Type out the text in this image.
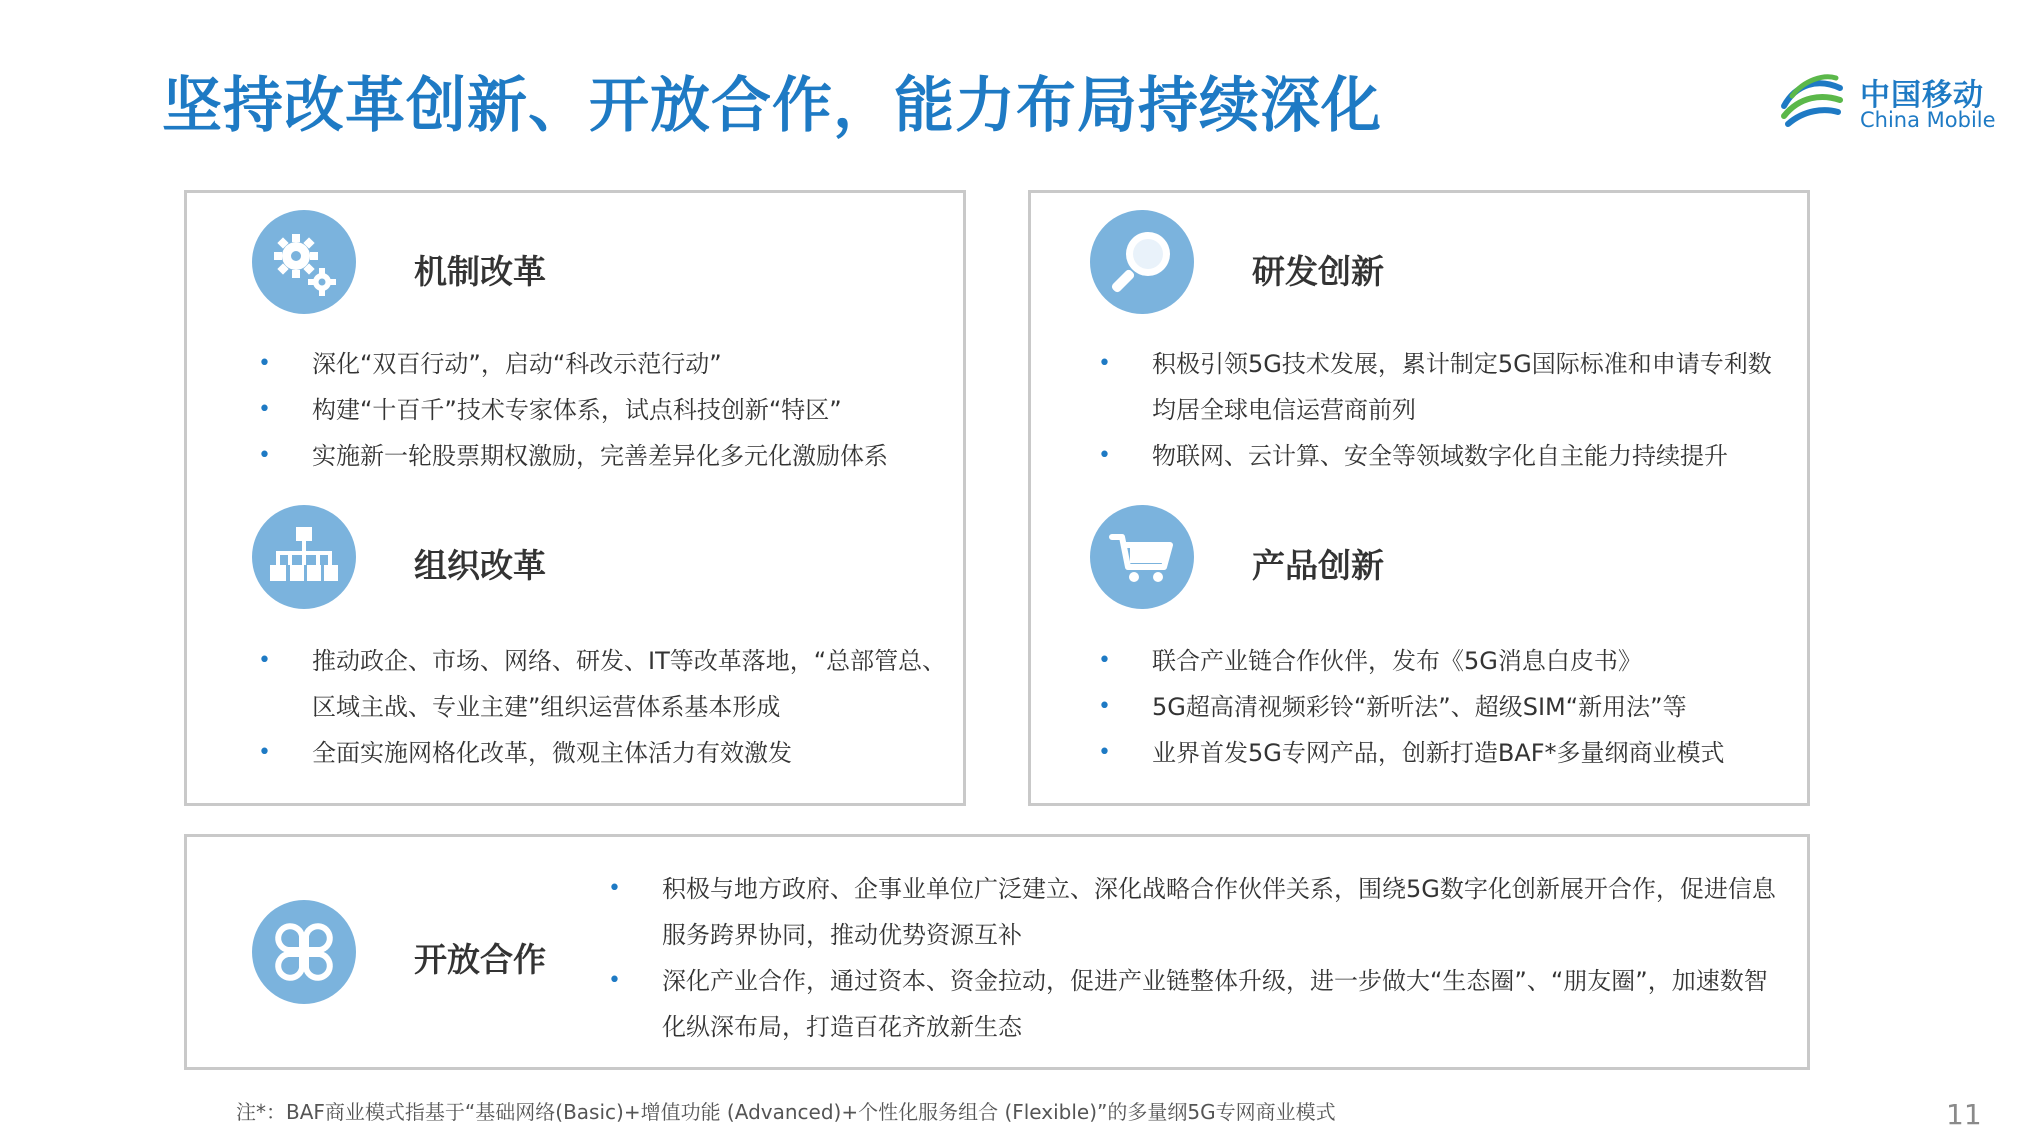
坚持改革创新、开放合作，能力布局持续深化	中国移动
China Mobile
机制改革
• 深化“双百行动”，启动“科改示范行动”
• 构建“十百千”技术专家体系，试点科技创新“特区”
• 实施新一轮股票期权激励，完善差异化多元化激励体系
组织改革
• 推动政企、市场、网络、研发、IT等改革落地，“总部管总、区域主战、专业主建”组织运营体系基本形成
• 全面实施网格化改革，微观主体活力有效激发
研发创新
• 积极引领5G技术发展，累计制定5G国际标准和申请专利数均居全球电信运营商前列
• 物联网、云计算、安全等领域数字化自主能力持续提升
产品创新
• 联合产业链合作伙伴，发布《5G消息白皮书》
• 5G超高清视频彩铃“新听法”、超级SIM“新用法”等
• 业界首发5G专网产品，创新打造BAF*多量纲商业模式
开放合作
• 积极与地方政府、企事业单位广泛建立、深化战略合作伙伴关系，围绕5G数字化创新展开合作，促进信息服务跨界协同，推动优势资源互补
• 深化产业合作，通过资本、资金拉动，促进产业链整体升级，进一步做大“生态圈”、“朋友圈”，加速数智化纵深布局，打造百花齐放新生态
注*：BAF商业模式指基于“基础网络(Basic)+增值功能 (Advanced)+个性化服务组合 (Flexible)”的多量纲5G专网商业模式	11
